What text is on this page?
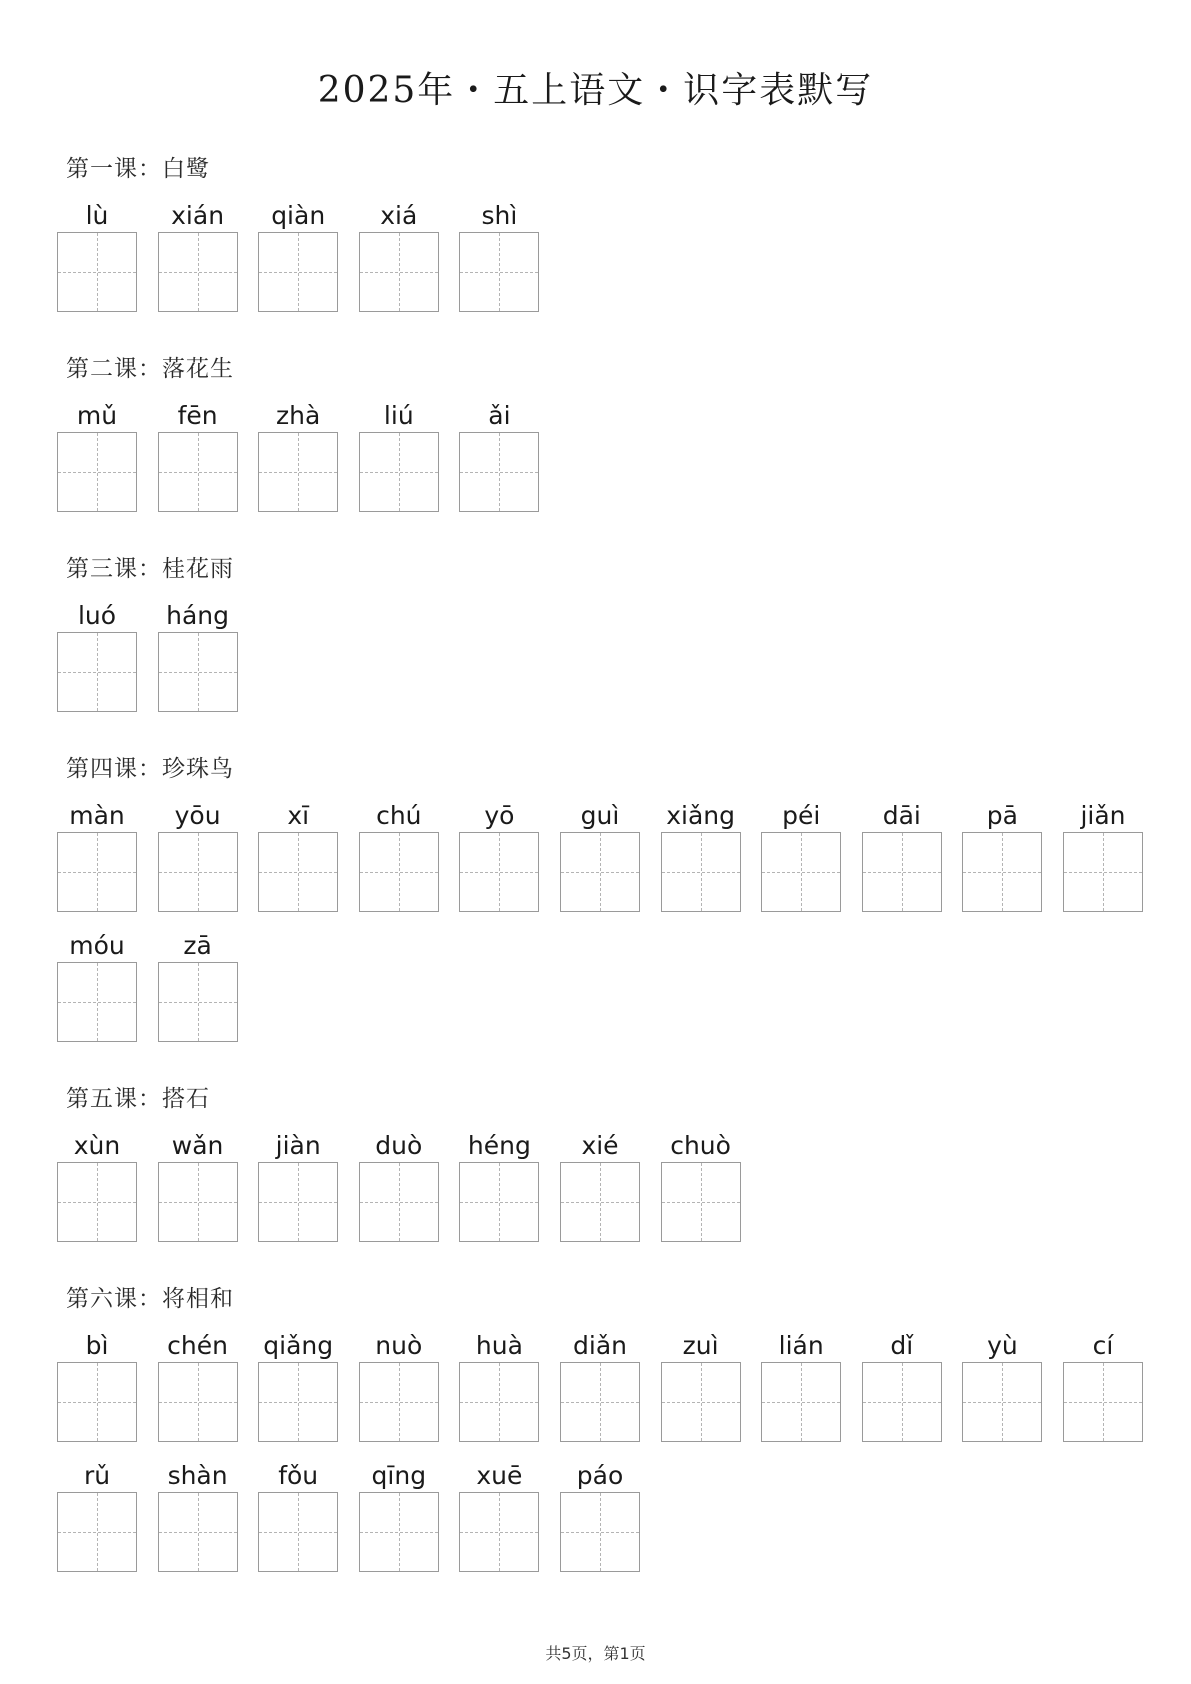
2025年・五上语文・识字表默写
第一课：白鹭
lù	xián	qiàn	xiá	shì
第二课：落花生
mǔ	fēn	zhà	liú	ǎi
第三课：桂花雨
luó	háng
第四课：珍珠鸟
màn	yōu	xī	chú	yō	guì	xiǎng	péi	dāi	pā	jiǎn
móu	zā
第五课：搭石
xùn	wǎn	jiàn	duò	héng	xié	chuò
第六课：将相和
bì	chén	qiǎng	nuò	huà	diǎn	zuì	lián	dǐ	yù	cí
rǔ	shàn	fǒu	qīng	xuē	páo
共5页，第1页
